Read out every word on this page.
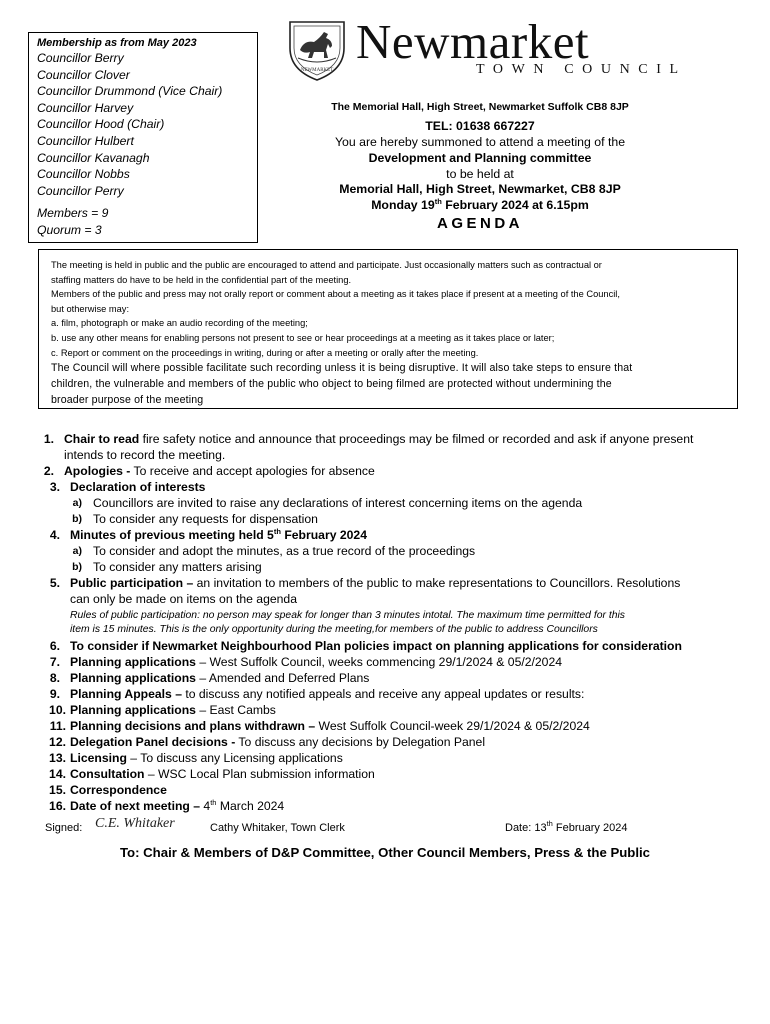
Membership as from May 2023
Councillor Berry
Councillor Clover
Councillor Drummond (Vice Chair)
Councillor Harvey
Councillor Hood (Chair)
Councillor Hulbert
Councillor Kavanagh
Councillor Nobbs
Councillor Perry
Members = 9
Quorum = 3
NEWMARKET
Newmarket
TOWN COUNCIL
The Memorial Hall, High Street, Newmarket Suffolk CB8 8JP
TEL: 01638 667227
You are hereby summoned to attend a meeting of the
Development and Planning committee
to be held at
Memorial Hall, High Street, Newmarket, CB8 8JP
Monday 19th February 2024 at 6.15pm
AGENDA
The meeting is held in public and the public are encouraged to attend and participate. Just occasionally matters such as contractual or
staffing matters do have to be held in the confidential part of the meeting.
Members of the public and press may not orally report or comment about a meeting as it takes place if present at a meeting of the Council,
but otherwise may:
a. film, photograph or make an audio recording of the meeting;
b. use any other means for enabling persons not present to see or hear proceedings at a meeting as it takes place or later;
c. Report or comment on the proceedings in writing, during or after a meeting or orally after the meeting.
The Council will where possible facilitate such recording unless it is being disruptive. It will also take steps to ensure that
children, the vulnerable and members of the public who object to being filmed are protected without undermining the
broader purpose of the meeting
1. Chair to read fire safety notice and announce that proceedings may be filmed or recorded and ask if anyone present
intends to record the meeting.
2. Apologies - To receive and accept apologies for absence
3. Declaration of interests
a) Councillors are invited to raise any declarations of interest concerning items on the agenda
b) To consider any requests for dispensation
4. Minutes of previous meeting held 5th February 2024
a) To consider and adopt the minutes, as a true record of the proceedings
b) To consider any matters arising
5. Public participation – an invitation to members of the public to make representations to Councillors. Resolutions
can only be made on items on the agenda
Rules of public participation: no person may speak for longer than 3 minutes intotal. The maximum time permitted for this
item is 15 minutes. This is the only opportunity during the meeting,for members of the public to address Councillors
6. To consider if Newmarket Neighbourhood Plan policies impact on planning applications for consideration
7. Planning applications – West Suffolk Council, weeks commencing 29/1/2024 & 05/2/2024
8. Planning applications – Amended and Deferred Plans
9. Planning Appeals – to discuss any notified appeals and receive any appeal updates or results:
10. Planning applications – East Cambs
11. Planning decisions and plans withdrawn – West Suffolk Council-week 29/1/2024 & 05/2/2024
12. Delegation Panel decisions - To discuss any decisions by Delegation Panel
13. Licensing – To discuss any Licensing applications
14. Consultation – WSC Local Plan submission information
15. Correspondence
16. Date of next meeting – 4th March 2024
Signed: C.E. Whitaker	Cathy Whitaker, Town Clerk	Date: 13th February 2024
To: Chair & Members of D&P Committee, Other Council Members, Press & the Public
